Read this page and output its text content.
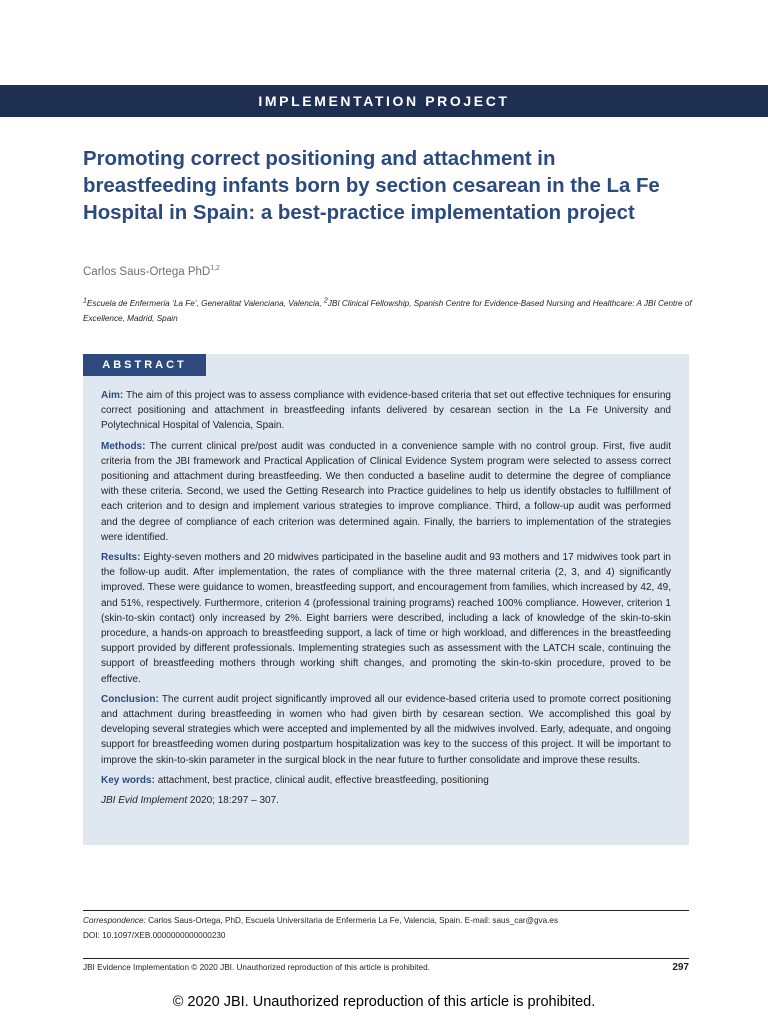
IMPLEMENTATION PROJECT
Promoting correct positioning and attachment in breastfeeding infants born by section cesarean in the La Fe Hospital in Spain: a best-practice implementation project
Carlos Saus-Ortega PhD$^{1,2}$
$^1$Escuela de Enfermeria ‘La Fe’, Generalitat Valenciana, Valencia, $^2$JBI Clinical Fellowship, Spanish Centre for Evidence-Based Nursing and Healthcare: A JBI Centre of Excellence, Madrid, Spain
ABSTRACT

Aim: The aim of this project was to assess compliance with evidence-based criteria that set out effective techniques for ensuring correct positioning and attachment in breastfeeding infants delivered by cesarean section in the La Fe University and Polytechnical Hospital of Valencia, Spain.

Methods: The current clinical pre/post audit was conducted in a convenience sample with no control group. First, five audit criteria from the JBI framework and Practical Application of Clinical Evidence System program were selected to assess correct positioning and attachment during breastfeeding. We then conducted a baseline audit to determine the degree of compliance with these criteria. Second, we used the Getting Research into Practice guidelines to help us identify obstacles to fulfillment of each criterion and to design and implement various strategies to improve compliance. Third, a follow-up audit was performed and the degree of compliance of each criterion was determined again. Finally, the barriers to implementation of the strategies were identified.

Results: Eighty-seven mothers and 20 midwives participated in the baseline audit and 93 mothers and 17 midwives took part in the follow-up audit. After implementation, the rates of compliance with the three maternal criteria (2, 3, and 4) significantly improved. These were guidance to women, breastfeeding support, and encouragement from families, which increased by 42, 49, and 51%, respectively. Furthermore, criterion 4 (professional training programs) reached 100% compliance. However, criterion 1 (skin-to-skin contact) only increased by 2%. Eight barriers were described, including a lack of knowledge of the skin-to-skin procedure, a hands-on approach to breastfeeding support, a lack of time or high workload, and differences in the breastfeeding support provided by different professionals. Implementing strategies such as assessment with the LATCH scale, continuing the support of breastfeeding mothers through working shift changes, and promoting the skin-to-skin procedure, proved to be effective.

Conclusion: The current audit project significantly improved all our evidence-based criteria used to promote correct positioning and attachment during breastfeeding in women who had given birth by cesarean section. We accomplished this goal by developing several strategies which were accepted and implemented by all the midwives involved. Early, adequate, and ongoing support for breastfeeding women during postpartum hospitalization was key to the success of this project. It will be important to improve the skin-to-skin parameter in the surgical block in the near future to further consolidate and improve these results.

Key words: attachment, best practice, clinical audit, effective breastfeeding, positioning

JBI Evid Implement 2020; 18:297 – 307.

Correspondence: Carlos Saus-Ortega, PhD, Escuela Universitaria de Enfermeria La Fe, Valencia, Spain. E-mail: saus_car@gva.es
DOI: 10.1097/XEB.0000000000000230
JBI Evidence Implementation © 2020 JBI. Unauthorized reproduction of this article is prohibited.	297
© 2020 JBI. Unauthorized reproduction of this article is prohibited.
